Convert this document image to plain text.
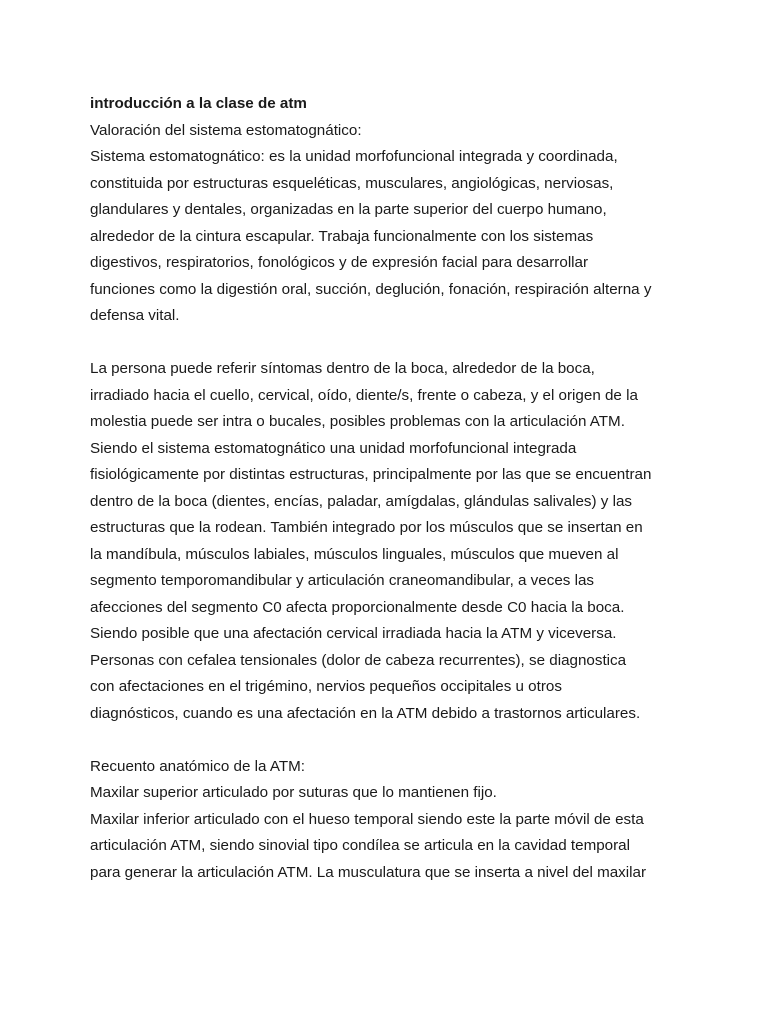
introducción a la clase de atm
Valoración del sistema estomatognático:
Sistema estomatognático: es la unidad morfofuncional integrada y coordinada,
constituida por estructuras esqueléticas, musculares, angiológicas, nerviosas,
glandulares y dentales, organizadas en la parte superior del cuerpo humano,
alrededor de la cintura escapular. Trabaja funcionalmente con los sistemas
digestivos, respiratorios, fonológicos y de expresión facial para desarrollar
funciones como la digestión oral, succión, deglución, fonación, respiración alterna y
defensa vital.
La persona puede referir síntomas dentro de la boca, alrededor de la boca,
irradiado hacia el cuello, cervical, oído, diente/s, frente o cabeza, y el origen de la
molestia puede ser intra o bucales, posibles problemas con la articulación ATM.
Siendo el sistema estomatognático una unidad morfofuncional integrada
fisiológicamente por distintas estructuras, principalmente por las que se encuentran
dentro de la boca (dientes, encías, paladar, amígdalas, glándulas salivales) y las
estructuras que la rodean. También integrado por los músculos que se insertan en
la mandíbula, músculos labiales, músculos linguales, músculos que mueven al
segmento temporomandibular y articulación craneomandibular, a veces las
afecciones del segmento C0 afecta proporcionalmente desde C0 hacia la boca.
Siendo posible que una afectación cervical irradiada hacia la ATM y viceversa.
Personas con cefalea tensionales (dolor de cabeza recurrentes), se diagnostica
con afectaciones en el trigémino, nervios pequeños occipitales u otros
diagnósticos, cuando es una afectación en la ATM debido a trastornos articulares.
Recuento anatómico de la ATM:
Maxilar superior articulado por suturas que lo mantienen fijo.
Maxilar inferior articulado con el hueso temporal siendo este la parte móvil de esta
articulación ATM, siendo sinovial tipo condílea se articula en la cavidad temporal
para generar la articulación ATM. La musculatura que se inserta a nivel del maxilar
